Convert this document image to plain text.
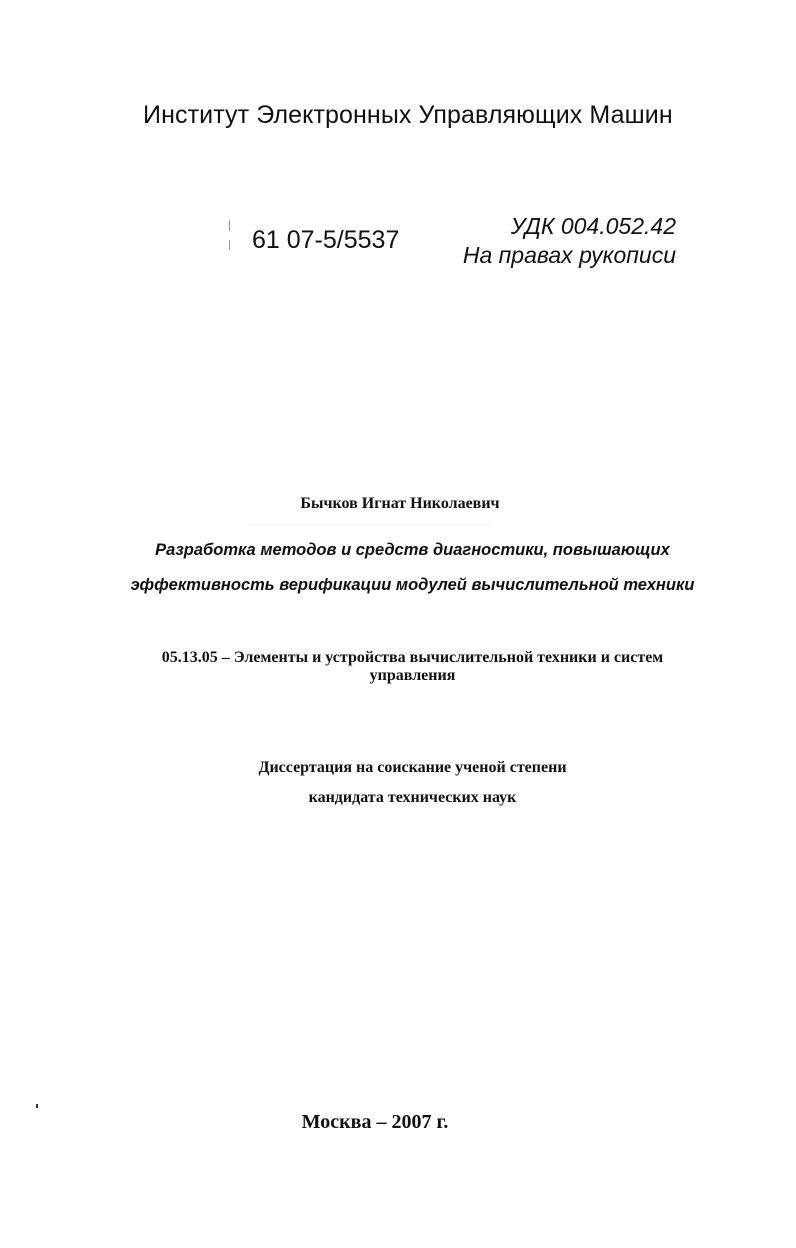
Институт Электронных Управляющих Машин
61 07-5/5537	УДК 004.052.42
На правах рукописи
Бычков Игнат Николаевич
Разработка методов и средств диагностики, повышающих
эффективность верификации модулей вычислительной техники
05.13.05 – Элементы и устройства вычислительной техники и систем
управления
Диссертация на соискание ученой степени
кандидата технических наук
Москва – 2007 г.
